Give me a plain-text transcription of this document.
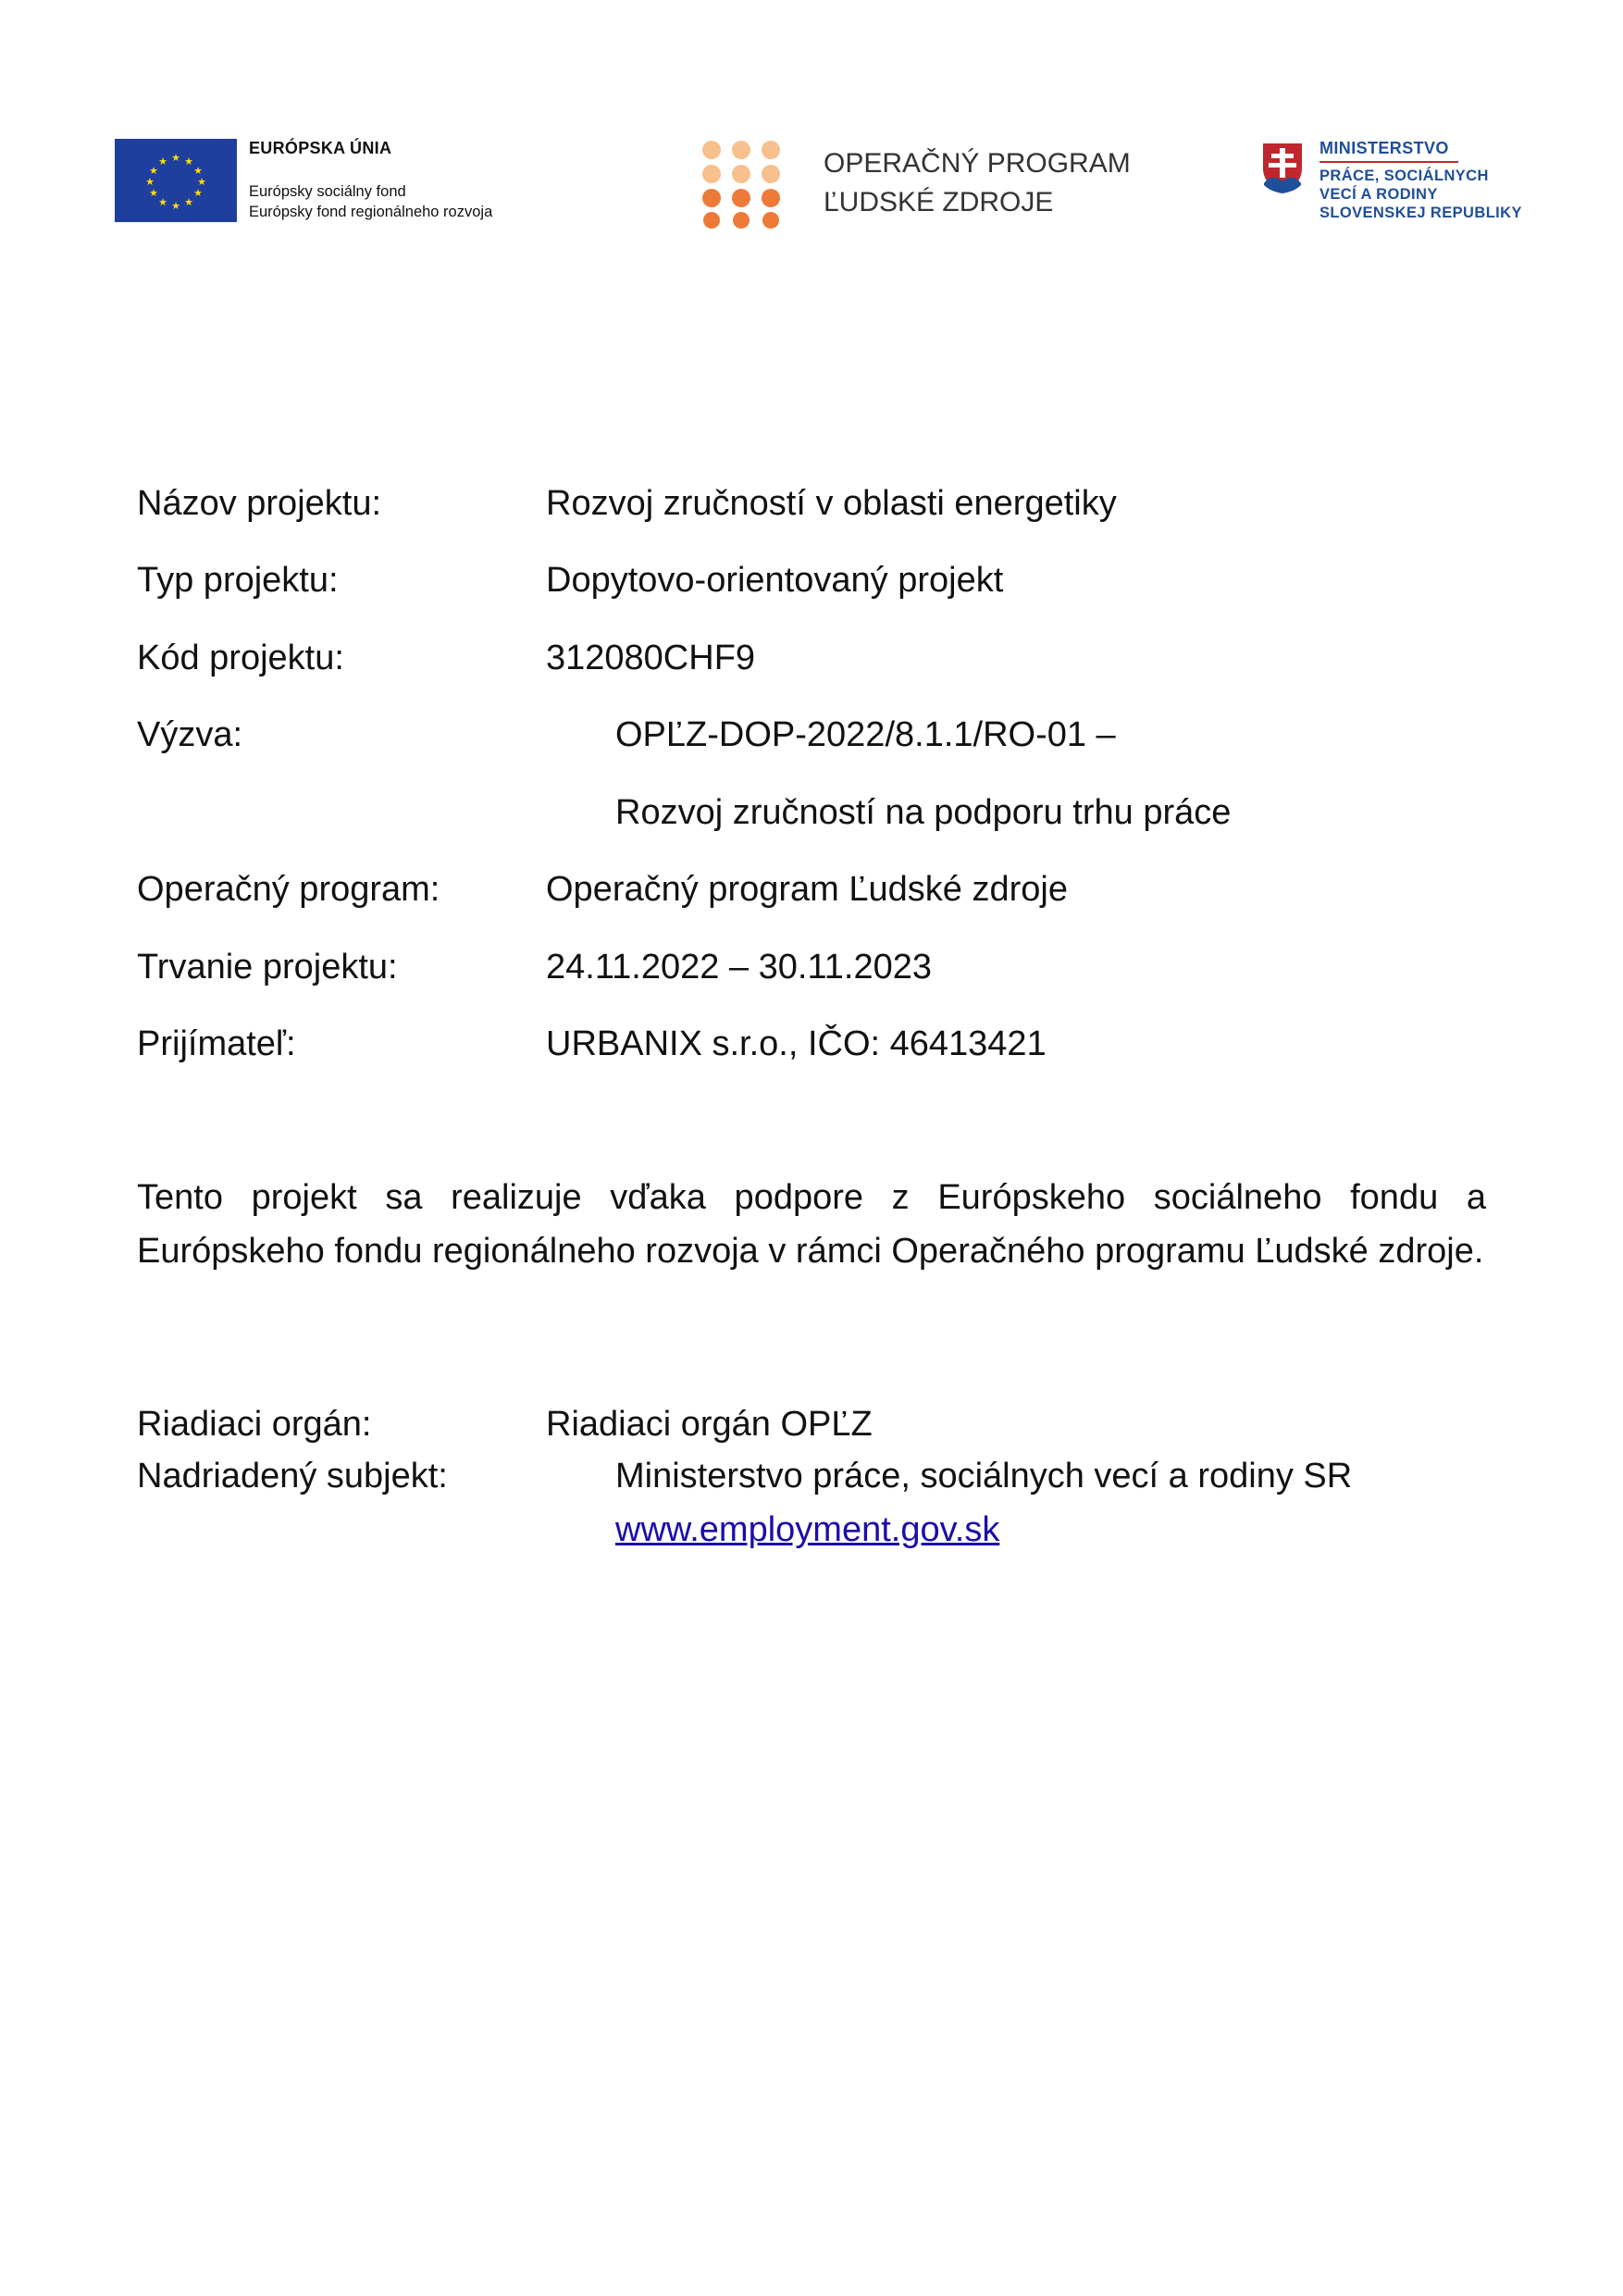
★ ★
★
★
★
★
★
★
★
★
★
★
EURÓPSKA ÚNIA
Európsky sociálny fond
Európsky fond regionálneho rozvoja
OPERAČNÝ PROGRAM
ĽUDSKÉ ZDROJE
MINISTERSTVO
PRÁCE, SOCIÁLNYCH
VECÍ A RODINY
SLOVENSKEJ REPUBLIKY
Názov projektu:	Rozvoj zručností v oblasti energetiky
Typ projektu:	Dopytovo-orientovaný projekt
Kód projektu:	312080CHF9
Výzva:	OPĽZ-DOP-2022/8.1.1/RO-01 –
Rozvoj zručností na podporu trhu práce
Operačný program:	Operačný program Ľudské zdroje
Trvanie projektu:	24.11.2022 – 30.11.2023
Prijímateľ:	URBANIX s.r.o., IČO: 46413421
Tento projekt sa realizuje vďaka podpore z Európskeho sociálneho fondu a Európskeho fondu regionálneho rozvoja v rámci Operačného programu Ľudské zdroje.
Riadiaci orgán:	Riadiaci orgán OPĽZ
Nadriadený subjekt:	Ministerstvo práce, sociálnych vecí a rodiny SR
www.employment.gov.sk
